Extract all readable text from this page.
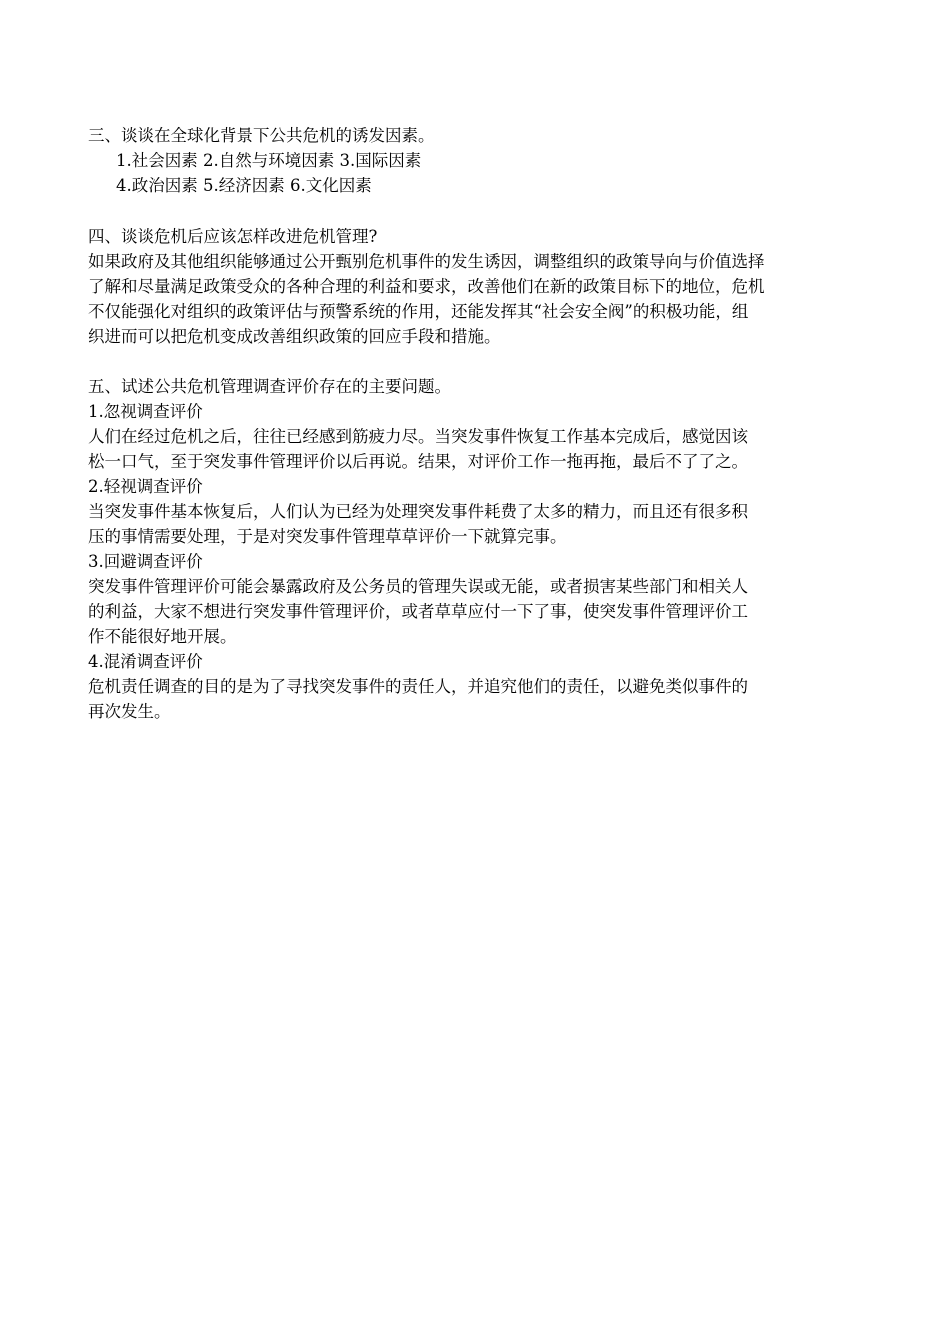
三、谈谈在全球化背景下公共危机的诱发因素。
1.社会因素 2.自然与环境因素 3.国际因素
4.政治因素 5.经济因素 6.文化因素
四、谈谈危机后应该怎样改进危机管理?
如果政府及其他组织能够通过公开甄别危机事件的发生诱因，调整组织的政策导向与价值选择
了解和尽量满足政策受众的各种合理的利益和要求，改善他们在新的政策目标下的地位，危机
不仅能强化对组织的政策评估与预警系统的作用，还能发挥其“社会安全阀”的积极功能，组
织进而可以把危机变成改善组织政策的回应手段和措施。
五、试述公共危机管理调查评价存在的主要问题。
1.忽视调查评价
人们在经过危机之后，往往已经感到筋疲力尽。当突发事件恢复工作基本完成后，感觉因该
松一口气，至于突发事件管理评价以后再说。结果，对评价工作一拖再拖，最后不了了之。
2.轻视调查评价
当突发事件基本恢复后，人们认为已经为处理突发事件耗费了太多的精力，而且还有很多积
压的事情需要处理，于是对突发事件管理草草评价一下就算完事。
3.回避调查评价
突发事件管理评价可能会暴露政府及公务员的管理失误或无能，或者损害某些部门和相关人
的利益，大家不想进行突发事件管理评价，或者草草应付一下了事，使突发事件管理评价工
作不能很好地开展。
4.混淆调查评价
危机责任调查的目的是为了寻找突发事件的责任人，并追究他们的责任，以避免类似事件的
再次发生。
